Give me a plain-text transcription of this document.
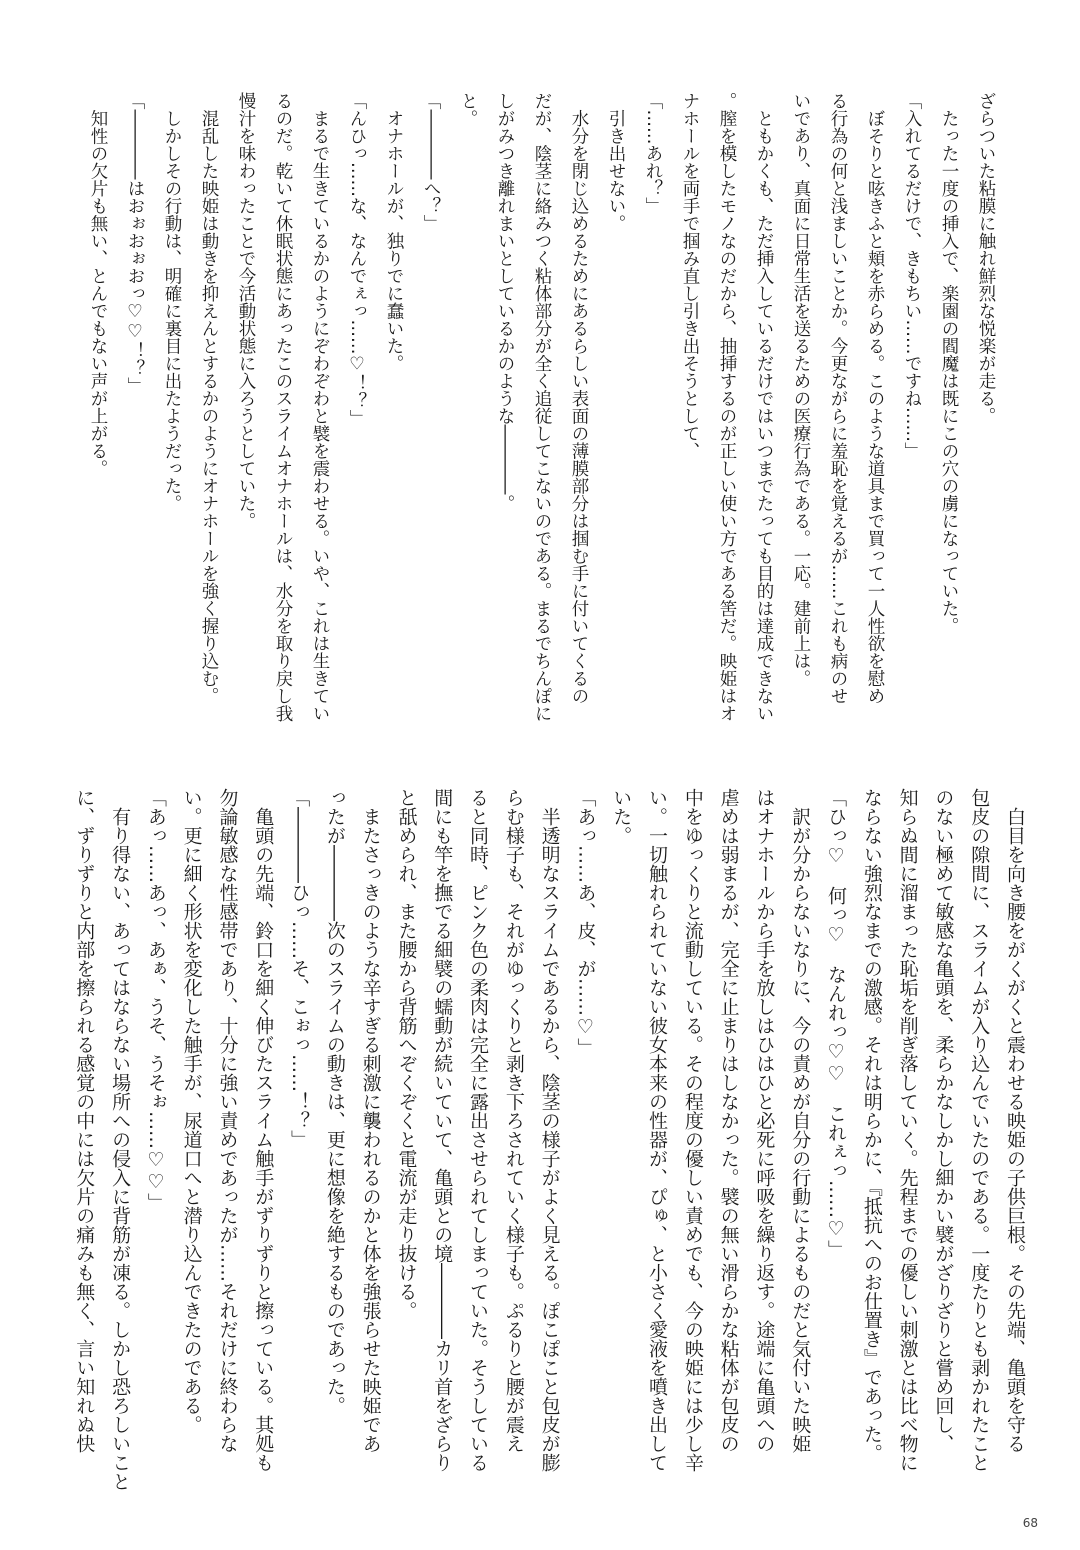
ざらついた粘膜に触れ鮮烈な悦楽が走る。
　たった一度の挿入で、楽園の閻魔は既にこの穴の虜になっていた。
「入れてるだけで、きもちい……ですね……」
　ぼそりと呟きふと頬を赤らめる。このような道具まで買って一人性欲を慰め
る行為の何と浅ましいことか。今更ながらに羞恥を覚えるが……これも病のせ
いであり、真面に日常生活を送るための医療行為である。一応。建前上は。
　ともかくも、ただ挿入しているだけではいつまでたっても目的は達成できない
。膣を模したモノなのだから、抽挿するのが正しい使い方である筈だ。映姫はオ
ナホールを両手で掴み直し引き出そうとして、
「……あれ？」
　引き出せない。
　水分を閉じ込めるためにあるらしい表面の薄膜部分は掴む手に付いてくるの
だが、陰茎に絡みつく粘体部分が全く追従してこないのである。まるでちんぽに
しがみつき離れまいとしているかのような――――。
と。
「――――へ？」
　オナホールが、独りでに蠢いた。
「んひっ……な、なんでぇっ……♡！？」
　まるで生きているかのようにぞわぞわと襞を震わせる。いや、これは生きてい
るのだ。乾いて休眠状態にあったこのスライムオナホールは、水分を取り戻し我
慢汁を味わったことで今活動状態に入ろうとしていた。
　混乱した映姫は動きを抑えんとするかのようにオナホールを強く握り込む。
　しかしその行動は、明確に裏目に出たようだった。
「――――はおぉおぉおっ♡♡！？」
　知性の欠片も無い、とんでもない声が上がる。
　白目を向き腰をがくがくと震わせる映姫の子供巨根。その先端、亀頭を守る
包皮の隙間に、スライムが入り込んでいたのである。一度たりとも剥かれたこと
のない極めて敏感な亀頭を、柔らかなしかし細かい襞がざりざりと嘗め回し、
知らぬ間に溜まった恥垢を削ぎ落していく。先程までの優しい刺激とは比べ物に
ならない強烈なまでの激感。それは明らかに、『抵抗へのお仕置き』であった。
「ひっ♡　何っ♡　なんれっ♡♡　これぇっ……♡」
　訳が分からないなりに、今の責めが自分の行動によるものだと気付いた映姫
はオナホールから手を放しはひはひと必死に呼吸を繰り返す。途端に亀頭への
虐めは弱まるが、完全に止まりはしなかった。襞の無い滑らかな粘体が包皮の
中をゆっくりと流動している。その程度の優しい責めでも、今の映姫には少し辛
い。一切触れられていない彼女本来の性器が、ぴゅ、と小さく愛液を噴き出して
いた。
「あっ……あ、皮、が……♡」
　半透明なスライムであるから、陰茎の様子がよく見える。ぽこぽこと包皮が膨
らむ様子も、それがゆっくりと剥き下ろされていく様子も。ぷるりと腰が震え
ると同時、ピンク色の柔肉は完全に露出させられてしまっていた。そうしている
間にも竿を撫でる細襞の蠕動が続いていて、亀頭との境――――カリ首をざらり
と舐められ、また腰から背筋へぞくぞくと電流が走り抜ける。
　またさっきのような辛すぎる刺激に襲われるのかと体を強張らせた映姫であ
ったが――――次のスライムの動きは、更に想像を絶するものであった。
「――――ひっ……そ、こぉっ……！？」
　亀頭の先端、鈴口を細く伸びたスライム触手がずりずりと擦っている。其処も
勿論敏感な性感帯であり、十分に強い責めであったが……それだけに終わらな
い。更に細く形状を変化した触手が、尿道口へと潜り込んできたのである。
「あっ……あっ、あぁ、うそ、うそぉ……♡♡」
　有り得ない、あってはならない場所への侵入に背筋が凍る。しかし恐ろしいこと
に、ずりずりと内部を擦られる感覚の中には欠片の痛みも無く、言い知れぬ快
68
